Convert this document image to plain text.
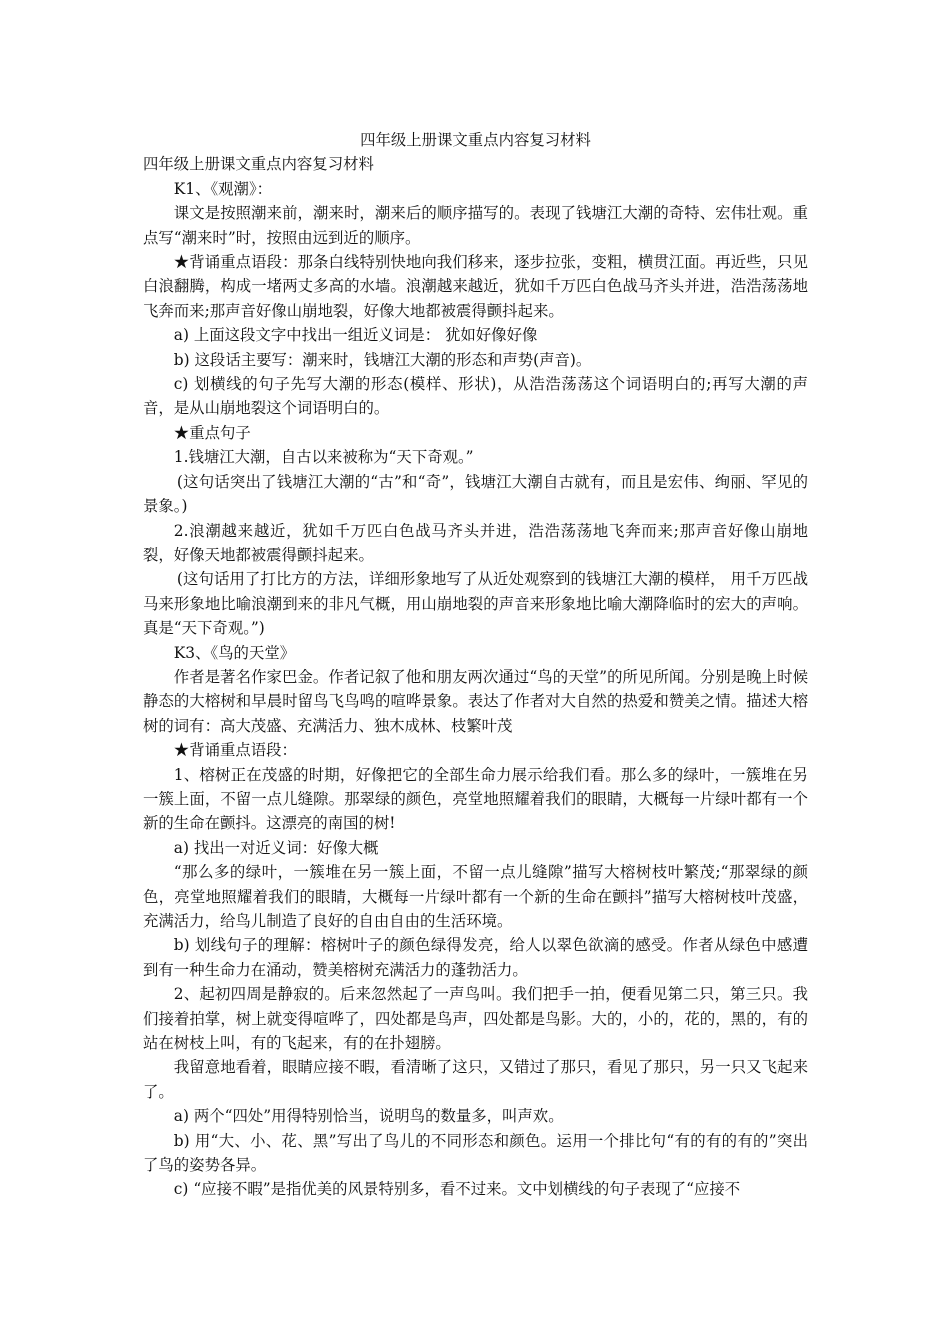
四年级上册课文重点内容复习材料

四年级上册课文重点内容复习材料

K1、《观潮》：

课文是按照潮来前，潮来时，潮来后的顺序描写的。表现了钱塘江大潮的奇特、宏伟壮观。重点写“潮来时”时，按照由远到近的顺序。

★背诵重点语段：那条白线特别快地向我们移来，逐步拉张，变粗，横贯江面。再近些，只见白浪翻腾，构成一堵两丈多高的水墙。浪潮越来越近，犹如千万匹白色战马齐头并进，浩浩荡荡地飞奔而来;那声音好像山崩地裂，好像大地都被震得颤抖起来。

a) 上面这段文字中找出一组近义词是： 犹如好像好像

b) 这段话主要写：潮来时，钱塘江大潮的形态和声势(声音)。

c) 划横线的句子先写大潮的形态(模样、形状)，从浩浩荡荡这个词语明白的;再写大潮的声音，是从山崩地裂这个词语明白的。

★重点句子

1.钱塘江大潮，自古以来被称为“天下奇观。”

(这句话突出了钱塘江大潮的“古”和“奇”，钱塘江大潮自古就有，而且是宏伟、绚丽、罕见的景象。)

2.浪潮越来越近，犹如千万匹白色战马齐头并进，浩浩荡荡地飞奔而来;那声音好像山崩地裂，好像天地都被震得颤抖起来。

(这句话用了打比方的方法，详细形象地写了从近处观察到的钱塘江大潮的模样， 用千万匹战马来形象地比喻浪潮到来的非凡气概，用山崩地裂的声音来形象地比喻大潮降临时的宏大的声响。真是“天下奇观。”)

K3、《鸟的天堂》

作者是著名作家巴金。作者记叙了他和朋友两次通过“鸟的天堂”的所见所闻。分别是晚上时候静态的大榕树和早晨时留鸟飞鸟鸣的喧哗景象。表达了作者对大自然的热爱和赞美之情。描述大榕树的词有：高大茂盛、充满活力、独木成林、枝繁叶茂

★背诵重点语段：

1、榕树正在茂盛的时期，好像把它的全部生命力展示给我们看。那么多的绿叶，一簇堆在另一簇上面，不留一点儿缝隙。那翠绿的颜色，亮堂地照耀着我们的眼睛，大概每一片绿叶都有一个新的生命在颤抖。这漂亮的南国的树!

a) 找出一对近义词：好像大概

“那么多的绿叶，一簇堆在另一簇上面，不留一点儿缝隙”描写大榕树枝叶繁茂;“那翠绿的颜色，亮堂地照耀着我们的眼睛，大概每一片绿叶都有一个新的生命在颤抖”描写大榕树枝叶茂盛，充满活力，给鸟儿制造了良好的自由自由的生活环境。

b) 划线句子的理解：榕树叶子的颜色绿得发亮，给人以翠色欲滴的感受。作者从绿色中感遭到有一种生命力在涌动，赞美榕树充满活力的蓬勃活力。

2、起初四周是静寂的。后来忽然起了一声鸟叫。我们把手一拍，便看见第二只，第三只。我们接着拍掌，树上就变得喧哗了，四处都是鸟声，四处都是鸟影。大的，小的，花的，黑的，有的站在树枝上叫，有的飞起来，有的在扑翅膀。

我留意地看着，眼睛应接不暇，看清晰了这只，又错过了那只，看见了那只，另一只又飞起来了。

a) 两个“四处”用得特别恰当，说明鸟的数量多，叫声欢。

b) 用“大、小、花、黑”写出了鸟儿的不同形态和颜色。运用一个排比句“有的有的有的”突出了鸟的姿势各异。

c) “应接不暇”是指优美的风景特别多，看不过来。文中划横线的句子表现了“应接不
